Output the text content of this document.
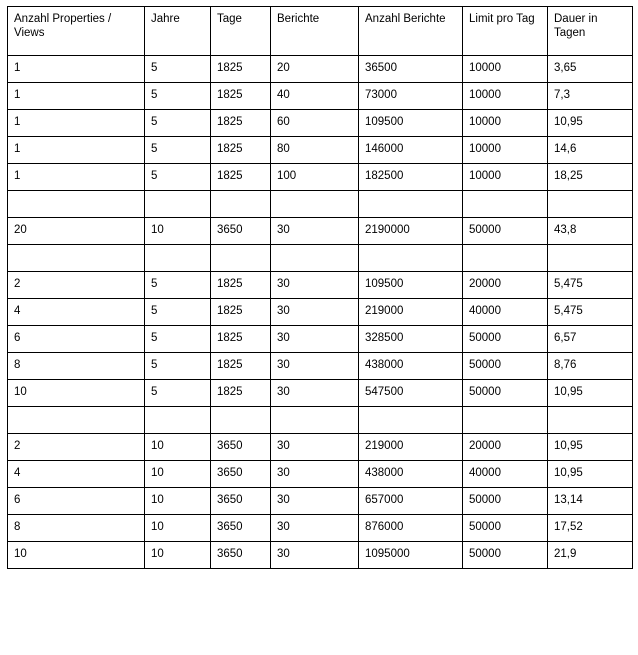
Anzahl Properties / Views	Jahre	Tage	Berichte	Anzahl Berichte	Limit pro Tag	Dauer in Tagen
1	5	1825	20	36500	10000	3,65
1	5	1825	40	73000	10000	7,3
1	5	1825	60	109500	10000	10,95
1	5	1825	80	146000	10000	14,6
1	5	1825	100	182500	10000	18,25

20	10	3650	30	2190000	50000	43,8

2	5	1825	30	109500	20000	5,475
4	5	1825	30	219000	40000	5,475
6	5	1825	30	328500	50000	6,57
8	5	1825	30	438000	50000	8,76
10	5	1825	30	547500	50000	10,95

2	10	3650	30	219000	20000	10,95
4	10	3650	30	438000	40000	10,95
6	10	3650	30	657000	50000	13,14
8	10	3650	30	876000	50000	17,52
10	10	3650	30	1095000	50000	21,9
